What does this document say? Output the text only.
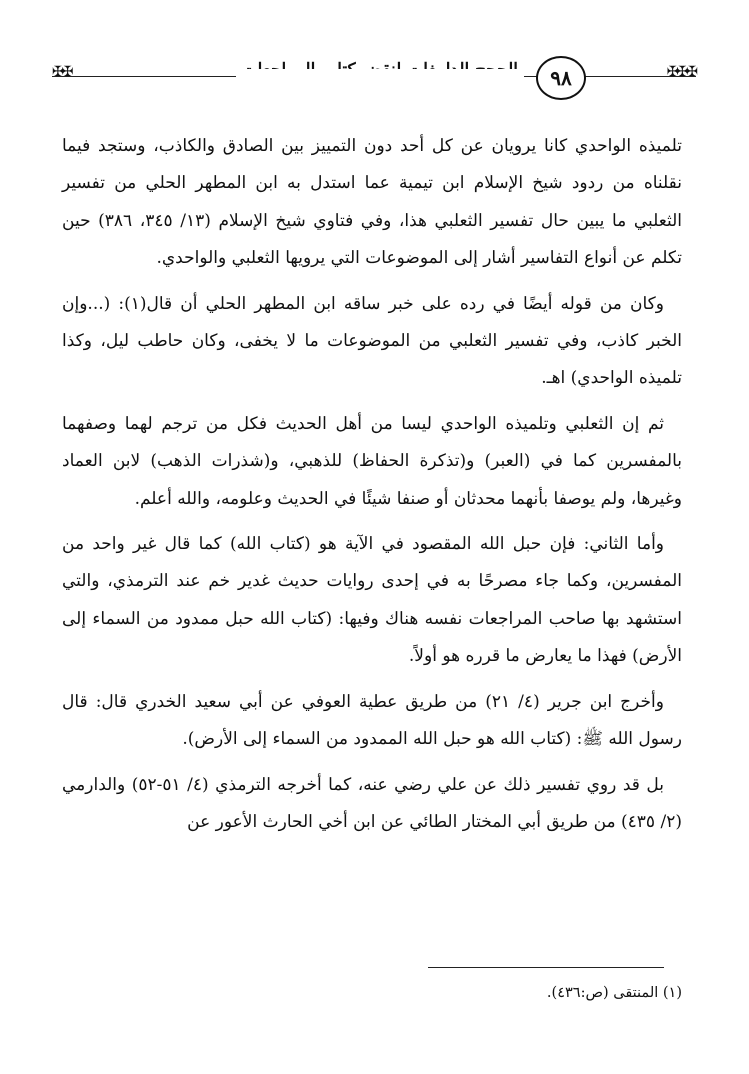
✠✠✠
٩٨
✠✠

تلميذه الواحدي كانا يرويان عن كل أحد دون التمييز بين الصادق والكاذب، وستجد فيما نقلناه من ردود شيخ الإسلام ابن تيمية عما استدل به ابن المطهر الحلي من تفسير الثعلبي ما يبين حال تفسير الثعلبي هذا، وفي فتاوي شيخ الإسلام (١٣/ ٣٤٥، ٣٨٦) حين تكلم عن أنواع التفاسير أشار إلى الموضوعات التي يرويها الثعلبي والواحدي.

وكان من قوله أيضًا في رده على خبر ساقه ابن المطهر الحلي أن قال(١): (...وإن الخبر كاذب، وفي تفسير الثعلبي من الموضوعات ما لا يخفى، وكان حاطب ليل، وكذا تلميذه الواحدي) اهـ.

ثم إن الثعلبي وتلميذه الواحدي ليسا من أهل الحديث فكل من ترجم لهما وصفهما بالمفسرين كما في (العبر) و(تذكرة الحفاظ) للذهبي، و(شذرات الذهب) لابن العماد وغيرها، ولم يوصفا بأنهما محدثان أو صنفا شيئًا في الحديث وعلومه، والله أعلم.

وأما الثاني: فإن حبل الله المقصود في الآية هو (كتاب الله) كما قال غير واحد من المفسرين، وكما جاء مصرحًا به في إحدى روايات حديث غدير خم عند الترمذي، والتي استشهد بها صاحب المراجعات نفسه هناك وفيها: (كتاب الله حبل ممدود من السماء إلى الأرض) فهذا ما يعارض ما قرره هو أولاً.

وأخرج ابن جرير (٤/ ٢١) من طريق عطية العوفي عن أبي سعيد الخدري قال: قال رسول الله ﷺ: (كتاب الله هو حبل الله الممدود من السماء إلى الأرض).

بل قد روي تفسير ذلك عن علي رضي عنه، كما أخرجه الترمذي (٤/ ٥١-٥٢) والدارمي (٢/ ٤٣٥) من طريق أبي المختار الطائي عن ابن أخي الحارث الأعور عن

(١) المنتقى (ص:٤٣٦).
